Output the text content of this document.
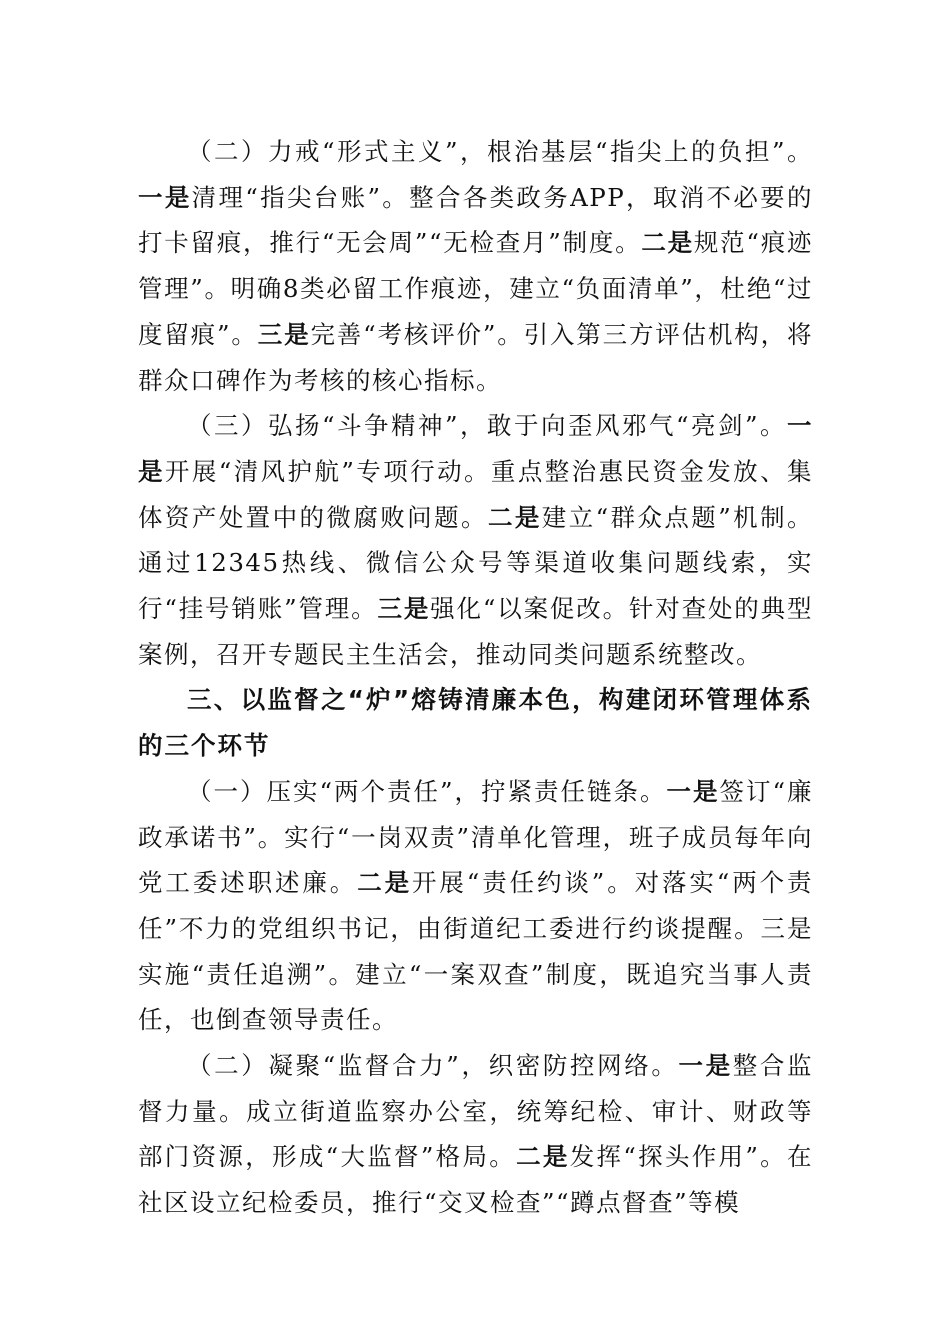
（二）力戒“形式主义”，根治基层“指尖上的负担”。一是清理“指尖台账”。整合各类政务APP，取消不必要的打卡留痕，推行“无会周”“无检查月”制度。二是规范“痕迹管理”。明确8类必留工作痕迹，建立“负面清单”，杜绝“过度留痕”。三是完善“考核评价”。引入第三方评估机构，将群众口碑作为考核的核心指标。

（三）弘扬“斗争精神”，敢于向歪风邪气“亮剑”。一是开展“清风护航”专项行动。重点整治惠民资金发放、集体资产处置中的微腐败问题。二是建立“群众点题”机制。通过12345热线、微信公众号等渠道收集问题线索，实行“挂号销账”管理。三是强化“以案促改。针对查处的典型案例，召开专题民主生活会，推动同类问题系统整改。

三、以监督之“炉”熔铸清廉本色，构建闭环管理体系的三个环节

（一）压实“两个责任”，拧紧责任链条。一是签订“廉政承诺书”。实行“一岗双责”清单化管理，班子成员每年向党工委述职述廉。二是开展“责任约谈”。对落实“两个责任”不力的党组织书记，由街道纪工委进行约谈提醒。三是实施“责任追溯”。建立“一案双查”制度，既追究当事人责任，也倒查领导责任。

（二）凝聚“监督合力”，织密防控网络。一是整合监督力量。成立街道监察办公室，统筹纪检、审计、财政等部门资源，形成“大监督”格局。二是发挥“探头作用”。在社区设立纪检委员，推行“交叉检查”“蹲点督查”等模
